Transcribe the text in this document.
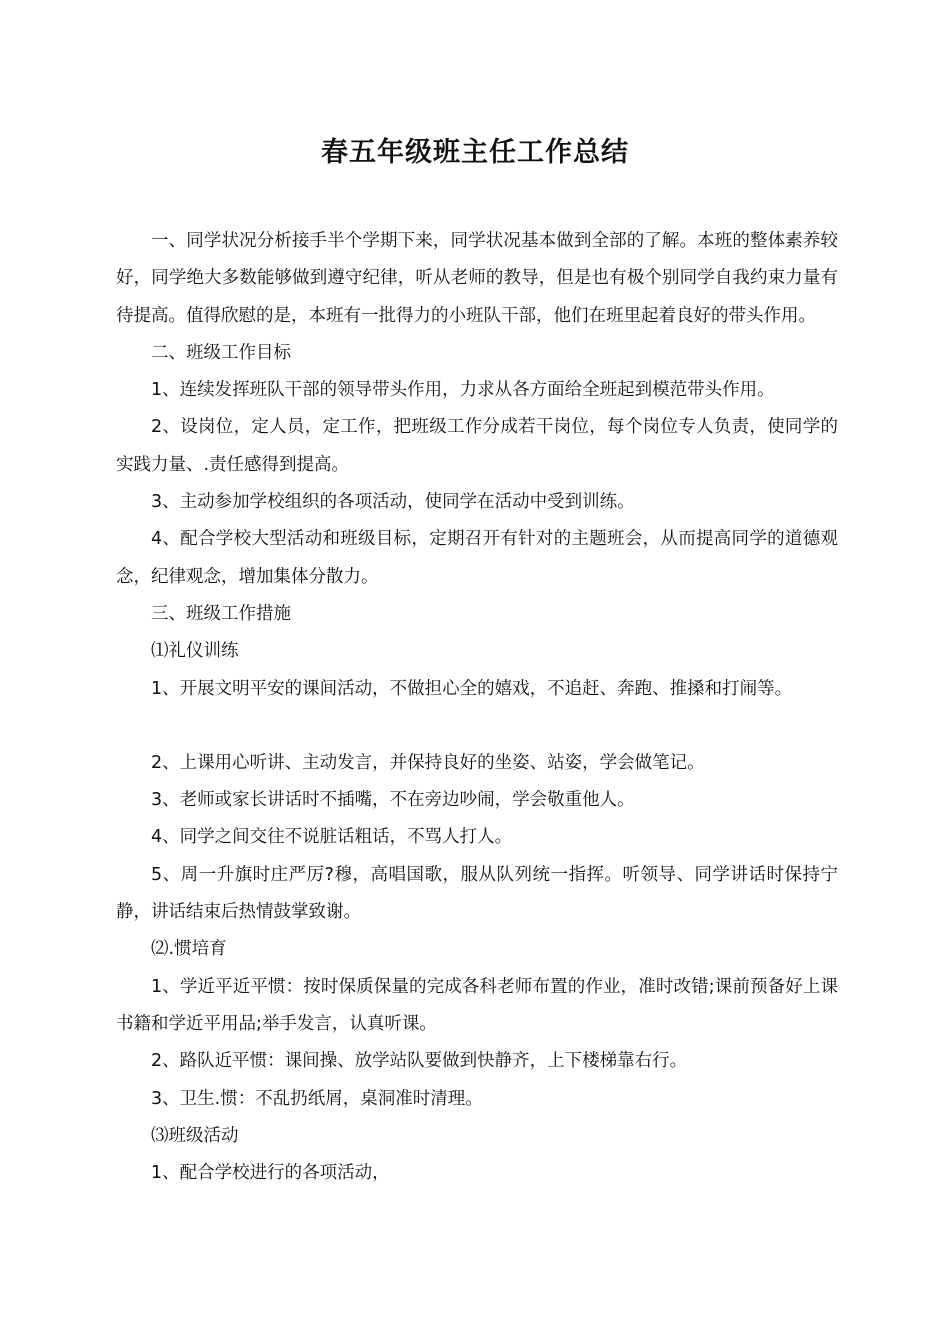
春五年级班主任工作总结

一、同学状况分析接手半个学期下来，同学状况基本做到全部的了解。本班的整体素养较好，同学绝大多数能够做到遵守纪律，听从老师的教导，但是也有极个别同学自我约束力量有待提高。值得欣慰的是，本班有一批得力的小班队干部，他们在班里起着良好的带头作用。

二、班级工作目标

1、连续发挥班队干部的领导带头作用，力求从各方面给全班起到模范带头作用。

2、设岗位，定人员，定工作，把班级工作分成若干岗位，每个岗位专人负责，使同学的实践力量、.责任感得到提高。

3、主动参加学校组织的各项活动，使同学在活动中受到训练。

4、配合学校大型活动和班级目标，定期召开有针对的主题班会，从而提高同学的道德观念，纪律观念，增加集体分散力。

三、班级工作措施

⑴礼仪训练

1、开展文明平安的课间活动，不做担心全的嬉戏，不追赶、奔跑、推搡和打闹等。

2、上课用心听讲、主动发言，并保持良好的坐姿、站姿，学会做笔记。

3、老师或家长讲话时不插嘴，不在旁边吵闹，学会敬重他人。

4、同学之间交往不说脏话粗话，不骂人打人。

5、周一升旗时庄严厉?穆，高唱国歌，服从队列统一指挥。听领导、同学讲话时保持宁静，讲话结束后热情鼓掌致谢。

⑵.惯培育

1、学近平近平惯：按时保质保量的完成各科老师布置的作业，准时改错;课前预备好上课书籍和学近平用品;举手发言，认真听课。

2、路队近平惯：课间操、放学站队要做到快静齐，上下楼梯靠右行。

3、卫生.惯：不乱扔纸屑，桌洞准时清理。

⑶班级活动

1、配合学校进行的各项活动，
